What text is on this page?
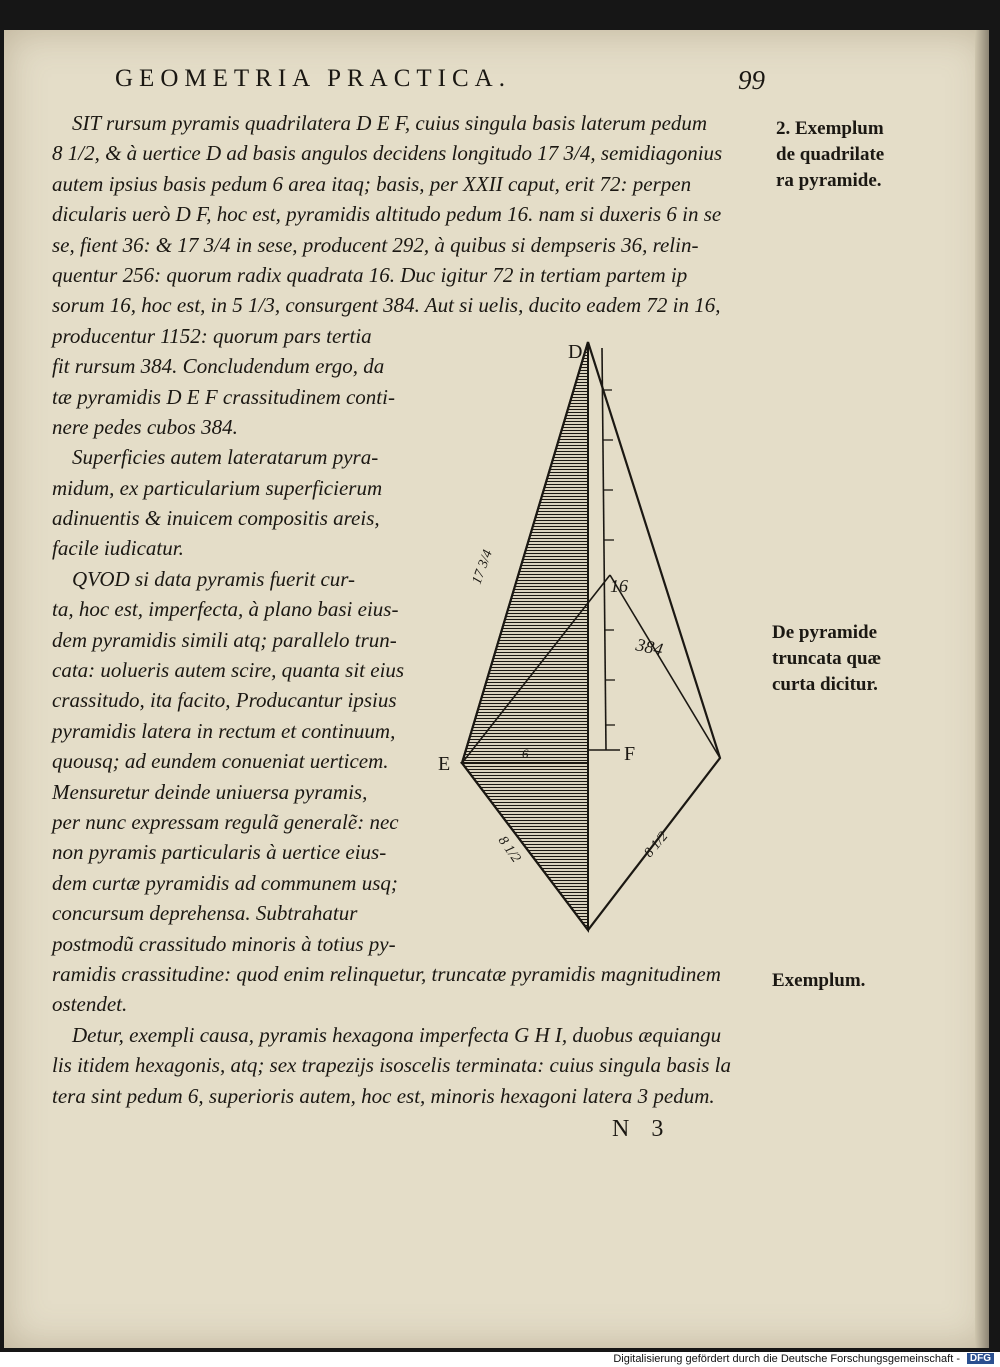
GEOMETRIA PRACTICA.	99
SIT rursum pyramis quadrilatera D E F, cuius singula basis laterum pedum
8 1/2, & à uertice D ad basis angulos decidens longitudo 17 3/4, semidiagonius
autem ipsius basis pedum 6 area itaq; basis, per XXII caput, erit 72: perpen
dicularis uerò D F, hoc est, pyramidis altitudo pedum 16. nam si duxeris 6 in se
se, fient 36: & 17 3/4 in sese, producent 292, à quibus si dempseris 36, relin-
quentur 256: quorum radix quadrata 16. Duc igitur 72 in tertiam partem ip
sorum 16, hoc est, in 5 1/3, consurgent 384. Aut si uelis, ducito eadem 72 in 16,
producentur 1152: quorum pars tertia
fit rursum 384. Concludendum ergo, da
tæ pyramidis D E F crassitudinem conti-
nere pedes cubos 384.
Superficies autem lateratarum pyra-
midum, ex particularium superficierum
adinuentis & inuicem compositis areis,
facile iudicatur.
QVOD si data pyramis fuerit cur-
ta, hoc est, imperfecta, à plano basi eius-
dem pyramidis simili atq; parallelo trun-
cata: uolueris autem scire, quanta sit eius
crassitudo, ita facito, Producantur ipsius
pyramidis latera in rectum et continuum,
quousq; ad eundem conueniat uerticem.
Mensuretur deinde uniuersa pyramis,
per nunc expressam regulã generalẽ: nec
non pyramis particularis à uertice eius-
dem curtæ pyramidis ad communem usq;
concursum deprehensa. Subtrahatur
postmodũ crassitudo minoris à totius py-
ramidis crassitudine: quod enim relinquetur, truncatæ pyramidis magnitudinem
ostendet.
Detur, exempli causa, pyramis hexagona imperfecta G H I, duobus æquiangu
lis itidem hexagonis, atq; sex trapezijs isoscelis terminata: cuius singula basis la
tera sint pedum 6, superioris autem, hoc est, minoris hexagoni latera 3 pedum.
2. Exemplum
de quadrilate
ra pyramide.
De pyramide
truncata quæ
curta dicitur.
Exemplum.
D
E	F
16
384
17 3/4
6
8 1/2	8 1/2
N 3
Digitalisierung gefördert durch die Deutsche Forschungsgemeinschaft - DFG
